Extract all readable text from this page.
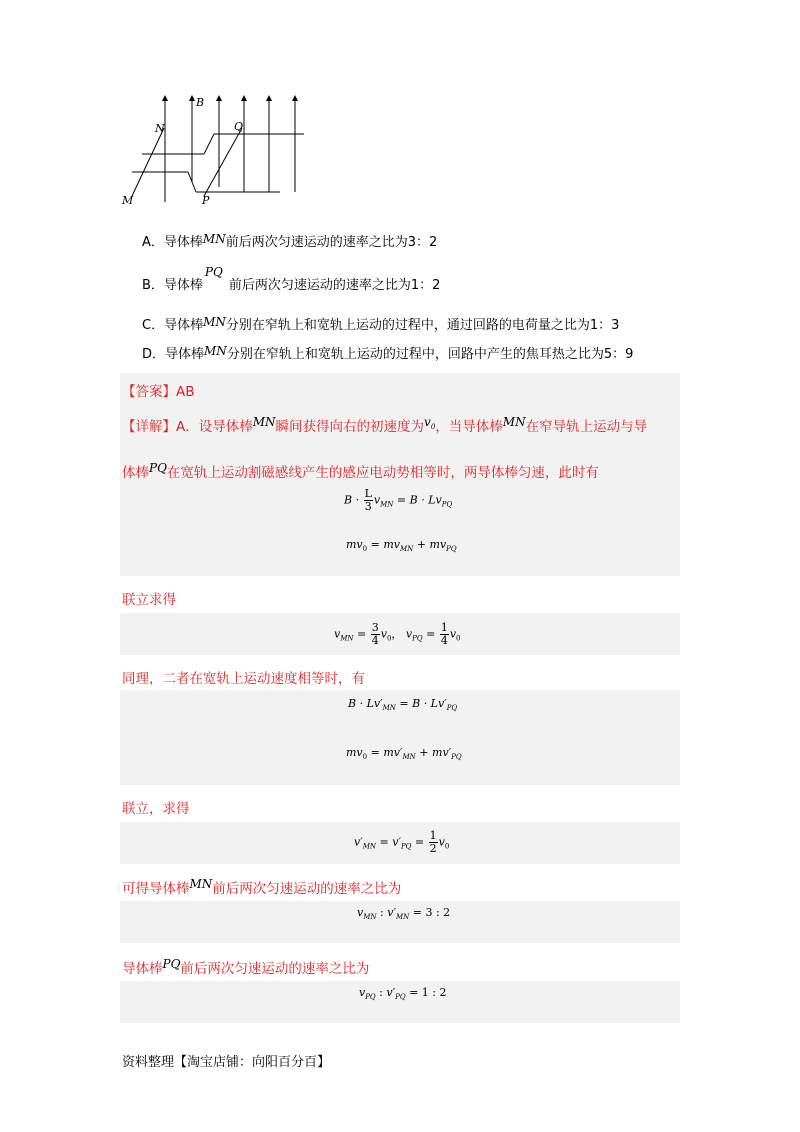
B
N	Q
M	P
A．导体棒MN前后两次匀速运动的速率之比为3：2
B．导体棒PQ前后两次匀速运动的速率之比为1：2
C．导体棒MN分别在窄轨上和宽轨上运动的过程中，通过回路的电荷量之比为1：3
D．导体棒MN分别在窄轨上和宽轨上运动的过程中，回路中产生的焦耳热之比为5：9
【答案】AB
【详解】A．设导体棒MN瞬间获得向右的初速度为$v_0$，当导体棒MN在窄导轨上运动与导
体棒PQ在宽轨上运动割磁感线产生的感应电动势相等时，两导体棒匀速，此时有
$B \cdot \frac{L}{3} v_{MN} = B \cdot Lv_{PQ}$
$mv_0 = mv_{MN} + mv_{PQ}$
联立求得
$v_{MN} = \frac{3}{4} v_0$， $v_{PQ} = \frac{1}{4} v_0$
同理，二者在宽轨上运动速度相等时，有
$B \cdot Lv'_{MN} = B \cdot Lv'_{PQ}$
$mv_0 = mv'_{MN} + mv'_{PQ}$
联立，求得
$v'_{MN} = v'_{PQ} = \frac{1}{2} v_0$
可得导体棒MN前后两次匀速运动的速率之比为
$v_{MN}$ : $v'_{MN} = 3$ : 2
导体棒PQ前后两次匀速运动的速率之比为
$v_{PQ}$ : $v'_{PQ} = 1$ : 2
资料整理【淘宝店铺：向阳百分百】
